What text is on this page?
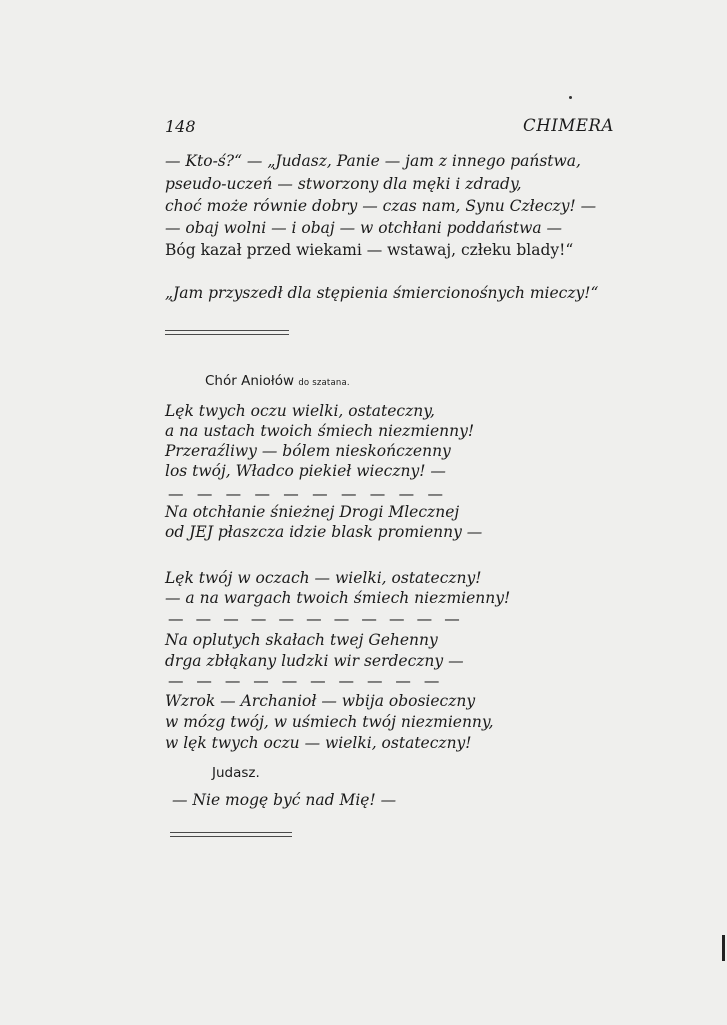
148	CHIMERA
— Kto-ś?“ — „Judasz, Panie — jam z innego państwa,
pseudo-uczeń — stworzony dla męki i zdrady,
choć może równie dobry — czas nam, Synu Człeczy! —
— obaj wolni — i obaj — w otchłani poddaństwa —
Bóg kazał przed wiekami — wstawaj, człeku blady!“
„Jam przyszedł dla stępienia śmiercionośnych mieczy!“
Chór Aniołów do szatana.
Lęk twych oczu wielki, ostateczny,
a na ustach twoich śmiech niezmienny!
Przeraźliwy — bólem nieskończenny
los twój, Władco piekieł wieczny! —
— — — — — — — — — —
Na otchłanie śnieżnej Drogi Mlecznej
od JEJ płaszcza idzie blask promienny —
Lęk twój w oczach — wielki, ostateczny!
— a na wargach twoich śmiech niezmienny!
— — — — — — — — — — —
Na oplutych skałach twej Gehenny
drga zbłąkany ludzki wir serdeczny —
— — — — — — — — — —
Wzrok — Archanioł — wbija obosieczny
w mózg twój, w uśmiech twój niezmienny,
w lęk twych oczu — wielki, ostateczny!
Judasz.
— Nie mogę być nad Mię! —
